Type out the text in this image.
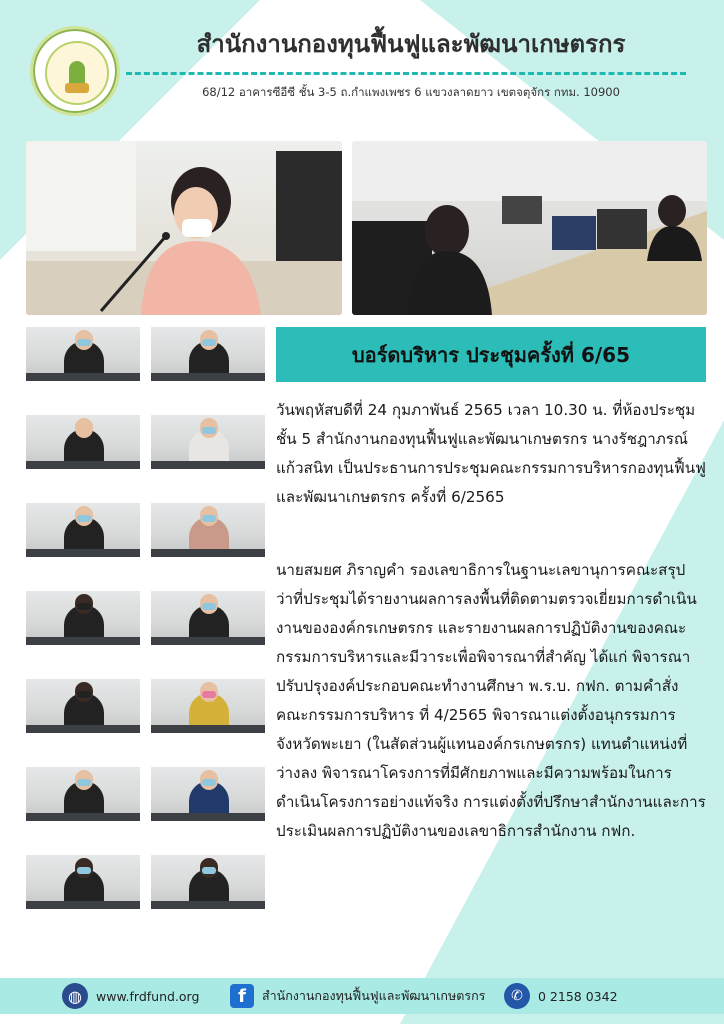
สำนักงานกองทุนฟื้นฟูและพัฒนาเกษตรกร
68/12 อาคารซีอีซี ชั้น 3-5 ถ.กำแพงเพชร 6 แขวงลาดยาว เขตจตุจักร กทม. 10900
บอร์ดบริหาร ประชุมครั้งที่ 6/65

วันพฤหัสบดีที่ 24 กุมภาพันธ์ 2565 เวลา 10.30 น. ที่ห้องประชุมชั้น 5 สำนักงานกองทุนฟื้นฟูและพัฒนาเกษตรกร นางรัชฎาภรณ์ แก้วสนิท เป็นประธานการประชุมคณะกรรมการบริหารกองทุนฟื้นฟูและพัฒนาเกษตรกร ครั้งที่ 6/2565

นายสมยศ ภิราญคำ รองเลขาธิการในฐานะเลขานุการคณะสรุปว่าที่ประชุมได้รายงานผลการลงพื้นที่ติดตามตรวจเยี่ยมการดำเนินงานขององค์กรเกษตรกร และรายงานผลการปฏิบัติงานของคณะกรรมการบริหารและมีวาระเพื่อพิจารณาที่สำคัญ ได้แก่ พิจารณาปรับปรุงองค์ประกอบคณะทำงานศึกษา พ.ร.บ. กฟก. ตามคำสั่งคณะกรรมการบริหาร ที่ 4/2565 พิจารณาแต่งตั้งอนุกรรมการจังหวัดพะเยา (ในสัดส่วนผู้แทนองค์กรเกษตรกร) แทนตำแหน่งที่ว่างลง พิจารณาโครงการที่มีศักยภาพและมีความพร้อมในการดำเนินโครงการอย่างแท้จริง การแต่งตั้งที่ปรึกษาสำนักงานและการประเมินผลการปฏิบัติงานของเลขาธิการสำนักงาน กฟก.

◍	www.frdfund.org	f	สำนักงานกองทุนฟื้นฟูและพัฒนาเกษตรกร	✆	0 2158 0342
